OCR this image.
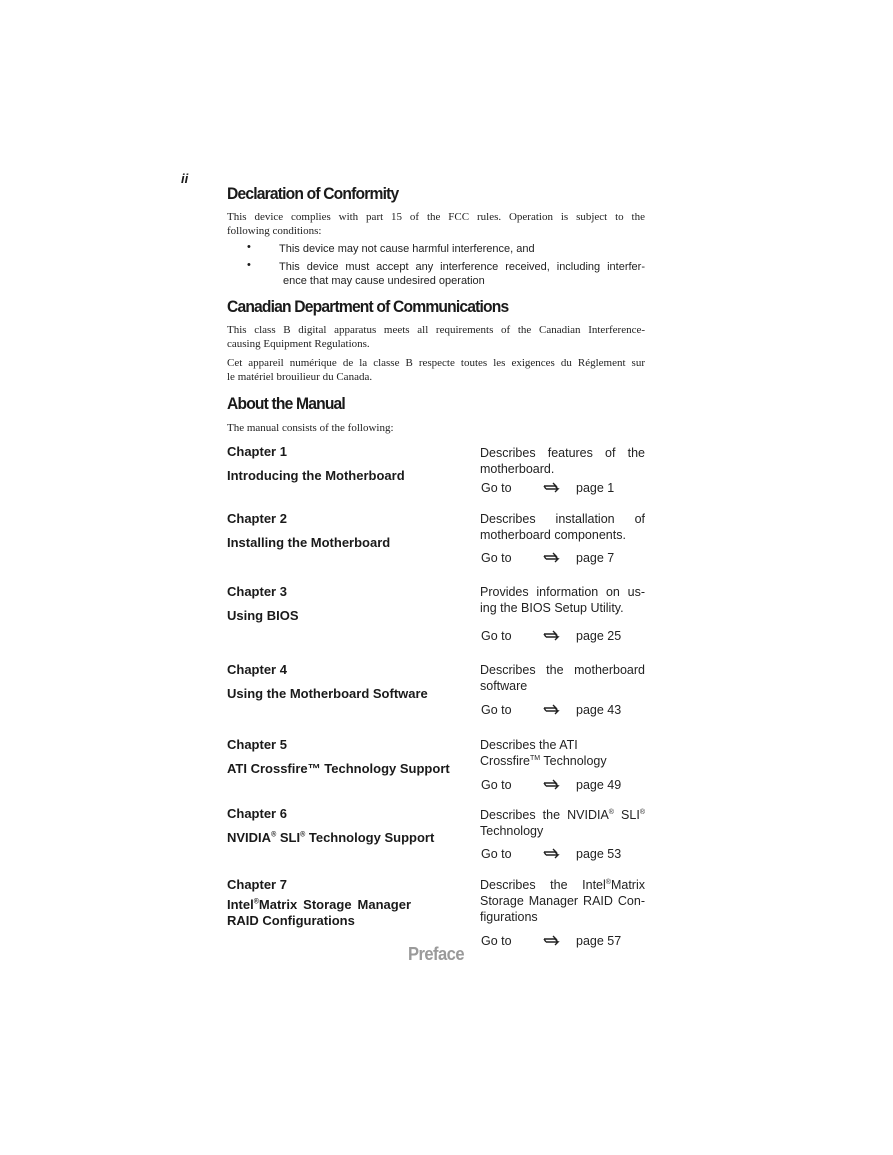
ii
Declaration of Conformity
This device complies with part 15 of the FCC rules. Operation is subject to the
following conditions:
•	This device may not cause harmful interference, and
•	This device must accept any interference received, including interfer-
ence that may cause undesired operation
Canadian Department of Communications
This class B digital apparatus meets all requirements of the Canadian Interference-
causing Equipment Regulations.
Cet appareil numérique de la classe B respecte toutes les exigences du Réglement sur
le matériel brouilieur du Canada.
About the Manual
The manual consists of the following:
Chapter 1
Introducing the Motherboard
Describes features of the
motherboard.
Go to	page 1
Chapter 2
Installing the Motherboard
Describes installation of
motherboard components.
Go to	page 7
Chapter 3
Using BIOS
Provides information on us-
ing the BIOS Setup Utility.
Go to	page 25
Chapter 4
Using the Motherboard Software
Describes the motherboard
software
Go to	page 43
Chapter 5
ATI Crossfire™ Technology Support
Describes the ATI
Crossfire™ Technology
Go to	page 49
Chapter 6
NVIDIA® SLI® Technology Support
Describes the NVIDIA® SLI®
Technology
Go to	page 53
Chapter 7
Intel®Matrix Storage Manager
RAID Configurations
Describes the Intel®Matrix
Storage Manager RAID Con-
figurations
Go to	page 57
Preface
